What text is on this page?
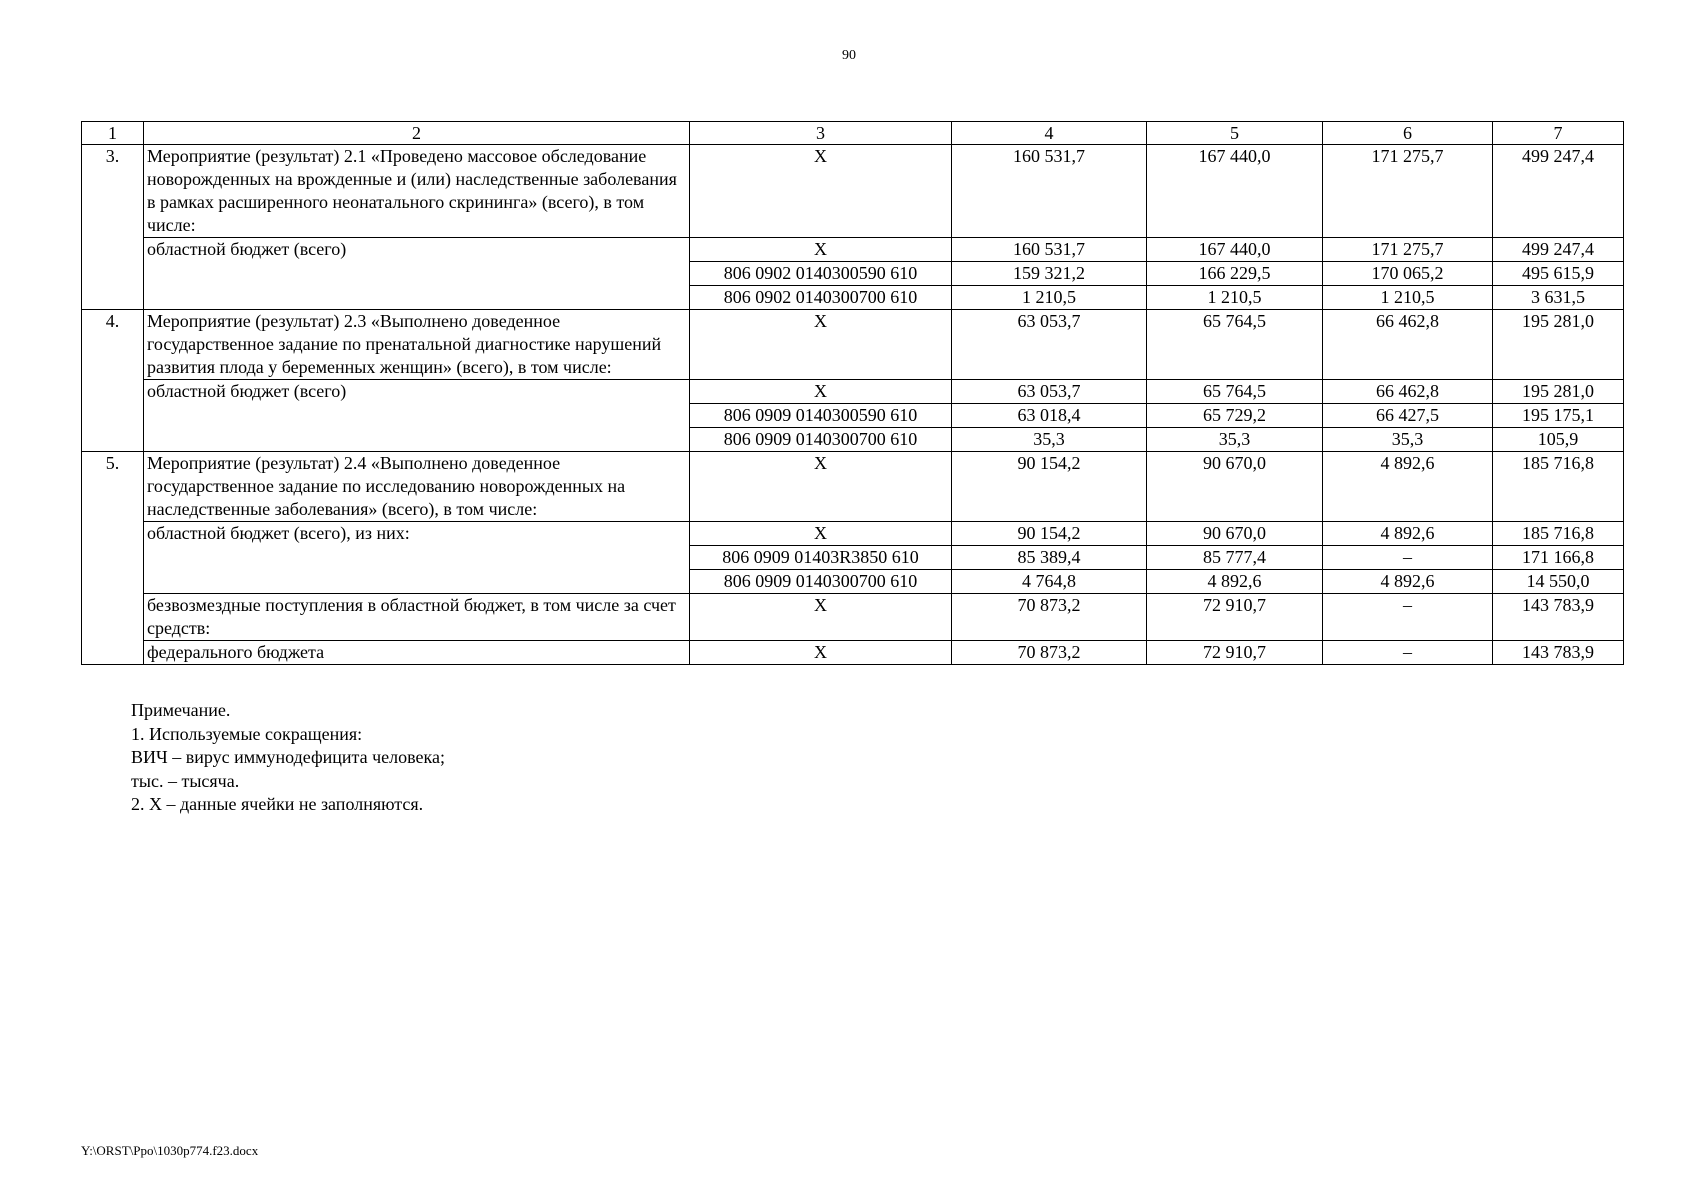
90
1	2	3	4	5	6	7
3.	Мероприятие (результат) 2.1 «Проведено массовое обследование новорожденных на врожденные и (или) наследственные заболевания в рамках расширенного неонатального скрининга» (всего), в том числе:	X	160 531,7	167 440,0	171 275,7	499 247,4
	областной бюджет (всего)	X	160 531,7	167 440,0	171 275,7	499 247,4
		806 0902 0140300590 610	159 321,2	166 229,5	170 065,2	495 615,9
		806 0902 0140300700 610	1 210,5	1 210,5	1 210,5	3 631,5
4.	Мероприятие (результат) 2.3 «Выполнено доведенное государственное задание по пренатальной диагностике нарушений развития плода у беременных женщин» (всего), в том числе:	X	63 053,7	65 764,5	66 462,8	195 281,0
	областной бюджет (всего)	X	63 053,7	65 764,5	66 462,8	195 281,0
		806 0909 0140300590 610	63 018,4	65 729,2	66 427,5	195 175,1
		806 0909 0140300700 610	35,3	35,3	35,3	105,9
5.	Мероприятие (результат) 2.4 «Выполнено доведенное государственное задание по исследованию новорожденных на наследственные заболевания» (всего), в том числе:	X	90 154,2	90 670,0	4 892,6	185 716,8
	областной бюджет (всего), из них:	X	90 154,2	90 670,0	4 892,6	185 716,8
		806 0909 01403R3850 610	85 389,4	85 777,4	–	171 166,8
		806 0909 0140300700 610	4 764,8	4 892,6	4 892,6	14 550,0
	безвозмездные поступления в областной бюджет, в том числе за счет средств:	X	70 873,2	72 910,7	–	143 783,9
	федерального бюджета	X	70 873,2	72 910,7	–	143 783,9
Примечание.
1. Используемые сокращения:
ВИЧ – вирус иммунодефицита человека;
тыс. – тысяча.
2. X – данные ячейки не заполняются.
Y:\ORST\Ppo\1030p774.f23.docx
